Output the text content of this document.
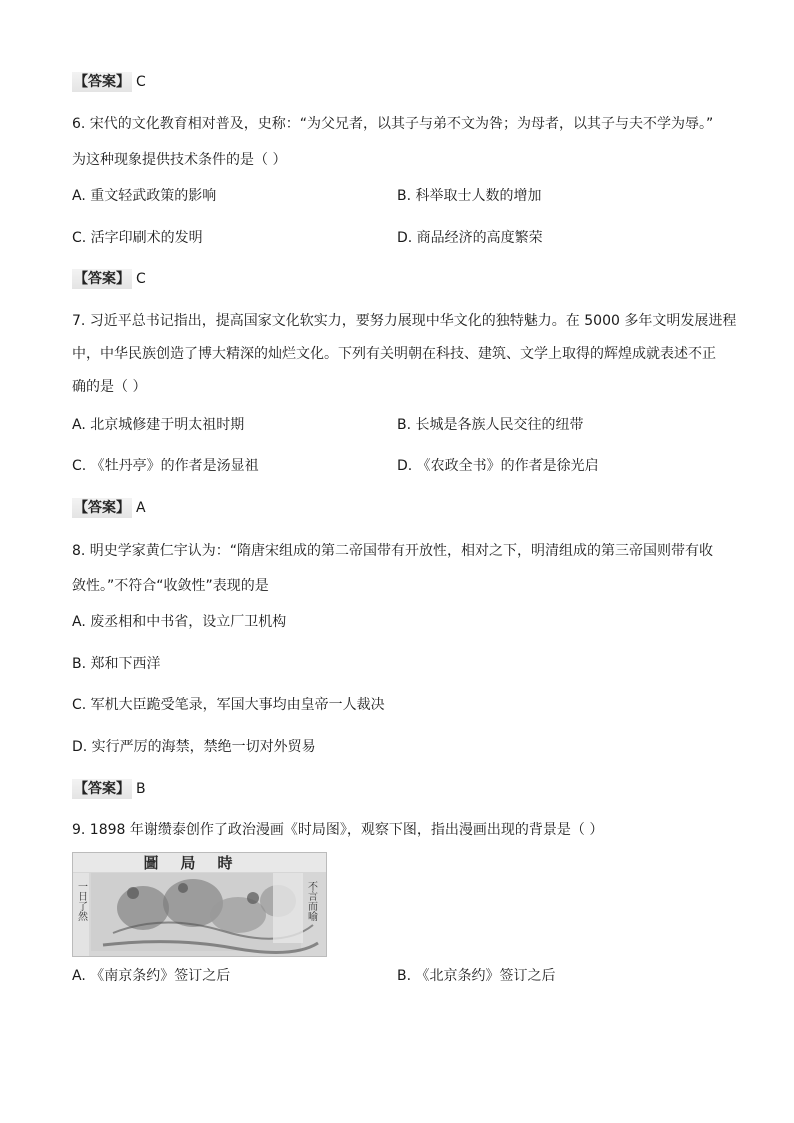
【答案】 C
6. 宋代的文化教育相对普及，史称：“为父兄者，以其子与弟不文为咎；为母者，以其子与夫不学为辱。”
为这种现象提供技术条件的是（ ）
A. 重文轻武政策的影响	B. 科举取士人数的增加
C. 活字印刷术的发明	D. 商品经济的高度繁荣
【答案】 C
7. 习近平总书记指出，提高国家文化软实力，要努力展现中华文化的独特魅力。在 5000 多年文明发展进程
中，中华民族创造了博大精深的灿烂文化。下列有关明朝在科技、建筑、文学上取得的辉煌成就表述不正
确的是（ ）
A. 北京城修建于明太祖时期	B. 长城是各族人民交往的纽带
C. 《牡丹亭》的作者是汤显祖	D. 《农政全书》的作者是徐光启
【答案】 A
8. 明史学家黄仁宇认为：“隋唐宋组成的第二帝国带有开放性，相对之下，明清组成的第三帝国则带有收
敛性。”不符合“收敛性”表现的是
A. 废丞相和中书省，设立厂卫机构
B. 郑和下西洋
C. 军机大臣跪受笔录，军国大事均由皇帝一人裁决
D. 实行严厉的海禁，禁绝一切对外贸易
【答案】 B
9. 1898 年谢缵泰创作了政治漫画《时局图》，观察下图，指出漫画出现的背景是（ ）
圖局時
一日了然	不言而喻
A. 《南京条约》签订之后	B. 《北京条约》签订之后
